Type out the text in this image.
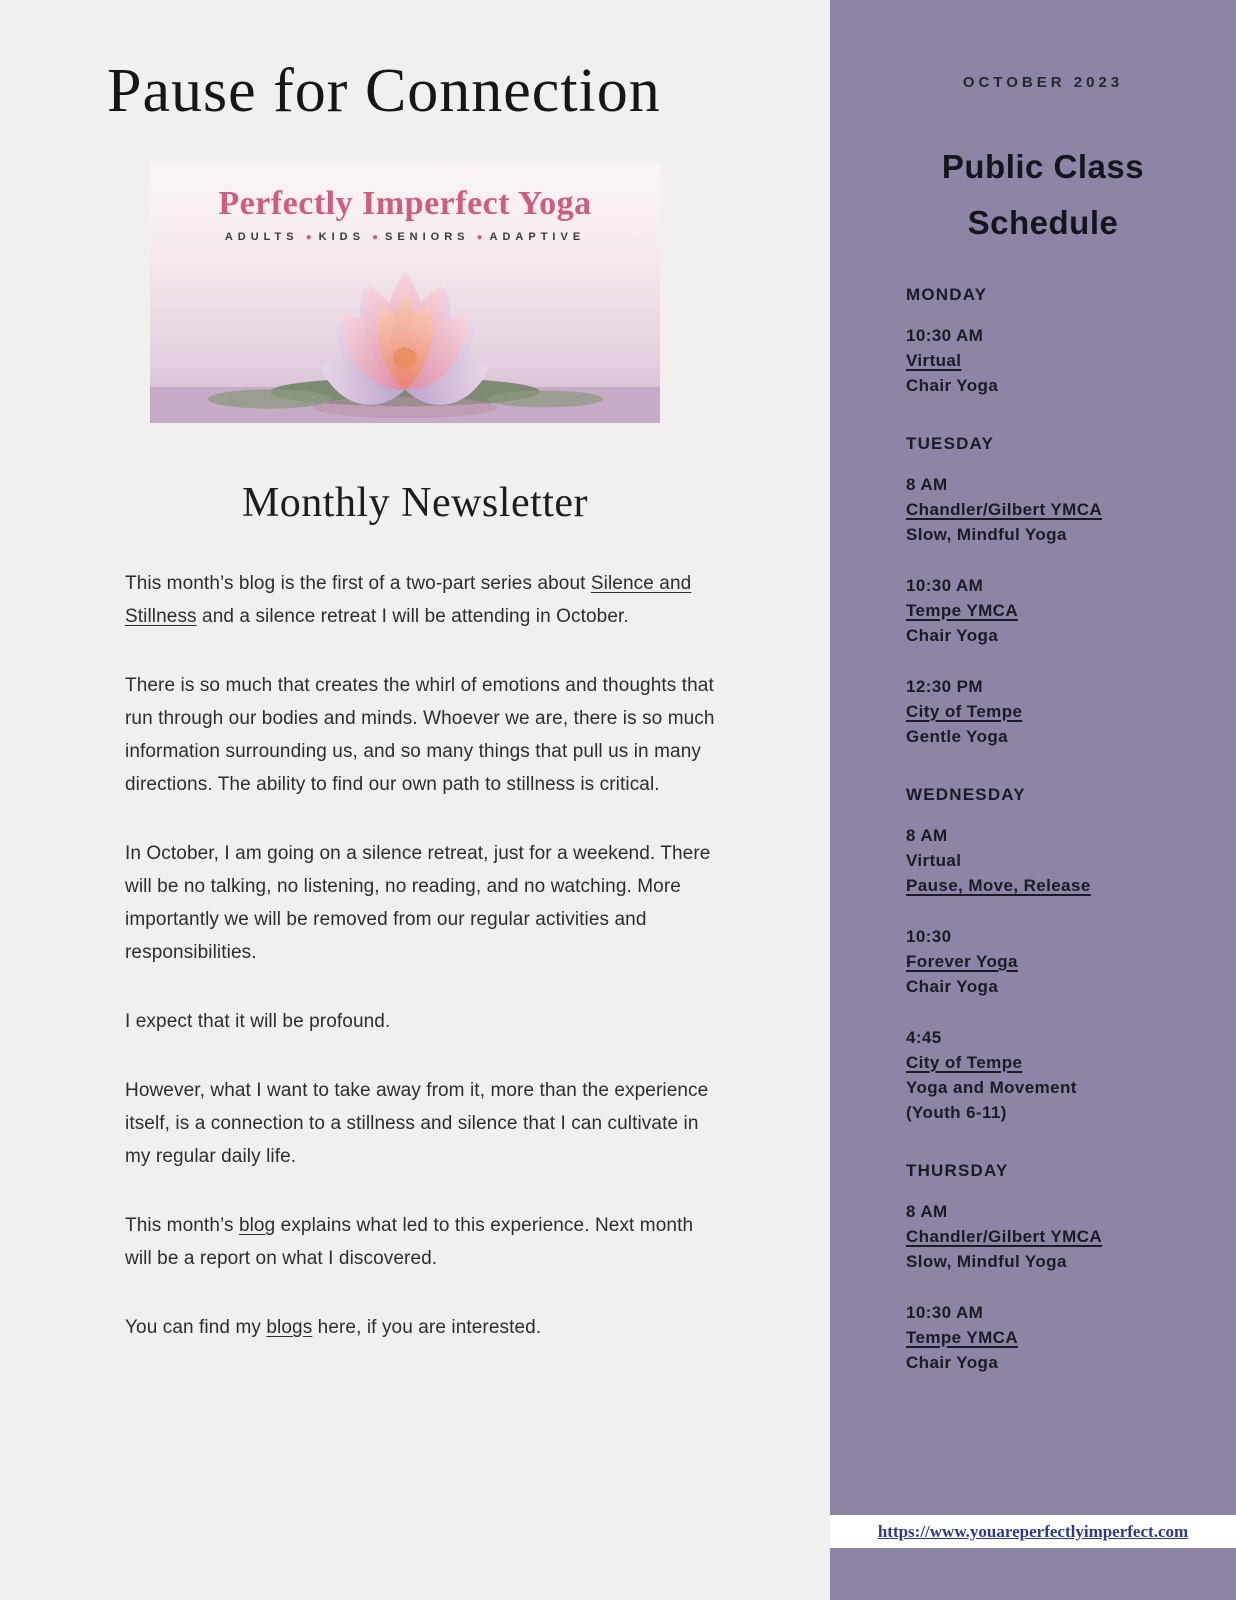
Pause for Connection
Perfectly Imperfect Yoga
ADULTS ● KIDS ● SENIORS ● ADAPTIVE
Monthly Newsletter

This month’s blog is the first of a two-part series about Silence and Stillness and a silence retreat I will be attending in October.

There is so much that creates the whirl of emotions and thoughts that run through our bodies and minds. Whoever we are, there is so much information surrounding us, and so many things that pull us in many directions. The ability to find our own path to stillness is critical.

In October, I am going on a silence retreat, just for a weekend. There will be no talking, no listening, no reading, and no watching. More importantly we will be removed from our regular activities and responsibilities.

I expect that it will be profound.

However, what I want to take away from it, more than the experience itself, is a connection to a stillness and silence that I can cultivate in my regular daily life.

This month’s blog explains what led to this experience. Next month will be a report on what I discovered.

You can find my blogs here, if you are interested.

OCTOBER 2023
Public Class
Schedule
MONDAY
10:30 AM
Virtual
Chair Yoga
TUESDAY
8 AM
Chandler/Gilbert YMCA
Slow, Mindful Yoga
10:30 AM
Tempe YMCA
Chair Yoga
12:30 PM
City of Tempe
Gentle Yoga
WEDNESDAY
8 AM
Virtual
Pause, Move, Release
10:30
Forever Yoga
Chair Yoga
4:45
City of Tempe
Yoga and Movement
(Youth 6-11)
THURSDAY
8 AM
Chandler/Gilbert YMCA
Slow, Mindful Yoga
10:30 AM
Tempe YMCA
Chair Yoga
https://www.youareperfectlyimperfect.com
